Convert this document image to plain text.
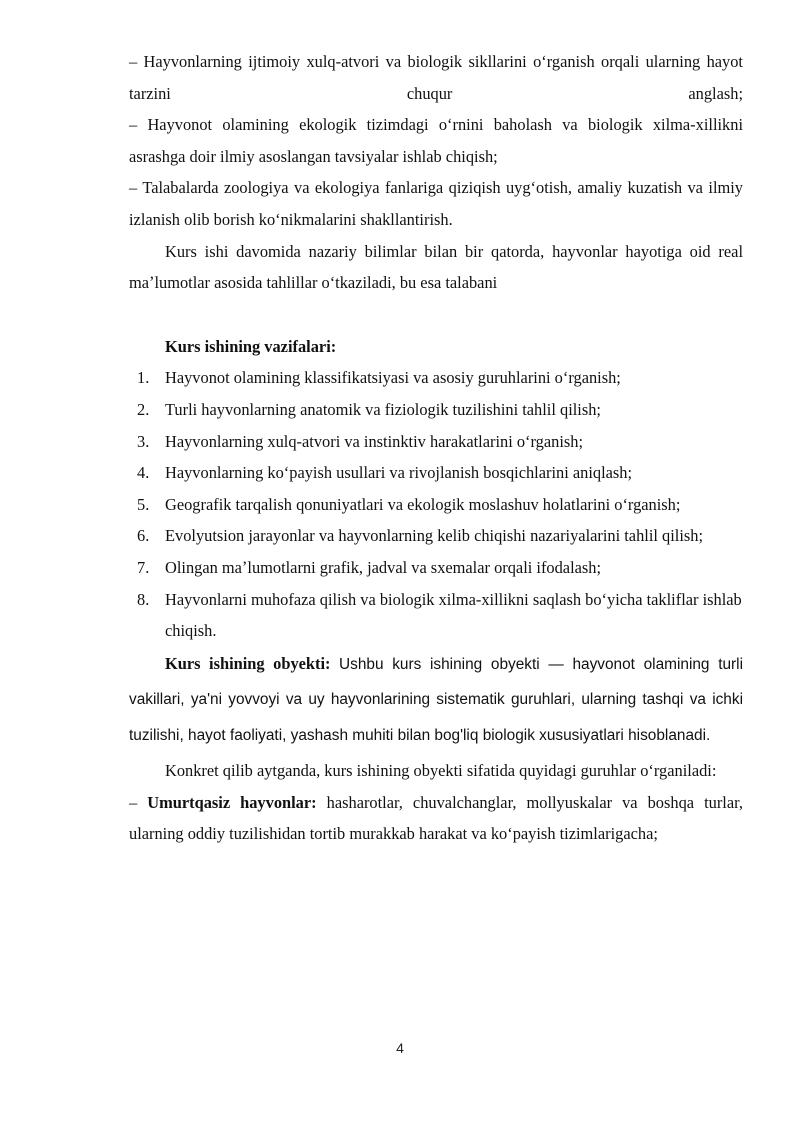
– Hayvonlarning ijtimoiy xulq-atvori va biologik sikllarini oʻrganish orqali ularning hayot tarzini chuqur anglash;

– Hayvonot olamining ekologik tizimdagi oʻrnini baholash va biologik xilma-xillikni asrashga doir ilmiy asoslangan tavsiyalar ishlab chiqish;

– Talabalarda zoologiya va ekologiya fanlariga qiziqish uygʻotish, amaliy kuzatish va ilmiy izlanish olib borish koʻnikmalarini shakllantirish.

Kurs ishi davomida nazariy bilimlar bilan bir qatorda, hayvonlar hayotiga oid real maʼlumotlar asosida tahlillar oʻtkaziladi, bu esa talabani

Kurs ishining vazifalari:

1. Hayvonot olamining klassifikatsiyasi va asosiy guruhlarini oʻrganish;
2. Turli hayvonlarning anatomik va fiziologik tuzilishini tahlil qilish;
3. Hayvonlarning xulq-atvori va instinktiv harakatlarini oʻrganish;
4. Hayvonlarning koʻpayish usullari va rivojlanish bosqichlarini aniqlash;
5. Geografik tarqalish qonuniyatlari va ekologik moslashuv holatlarini oʻrganish;
6. Evolyutsion jarayonlar va hayvonlarning kelib chiqishi nazariyalarini tahlil qilish;
7. Olingan maʼlumotlarni grafik, jadval va sxemalar orqali ifodalash;
8. Hayvonlarni muhofaza qilish va biologik xilma-xillikni saqlash boʻyicha takliflar ishlab chiqish.

Kurs ishining obyekti: Ushbu kurs ishining obyekti — hayvonot olamining turli vakillari, ya'ni yovvoyi va uy hayvonlarining sistematik guruhlari, ularning tashqi va ichki tuzilishi, hayot faoliyati, yashash muhiti bilan bog'liq biologik xususiyatlari hisoblanadi.

Konkret qilib aytganda, kurs ishining obyekti sifatida quyidagi guruhlar oʻrganiladi:

– Umurtqasiz hayvonlar: hasharotlar, chuvalchanglar, mollyuskalar va boshqa turlar, ularning oddiy tuzilishidan tortib murakkab harakat va koʻpayish tizimlarigacha;

4
